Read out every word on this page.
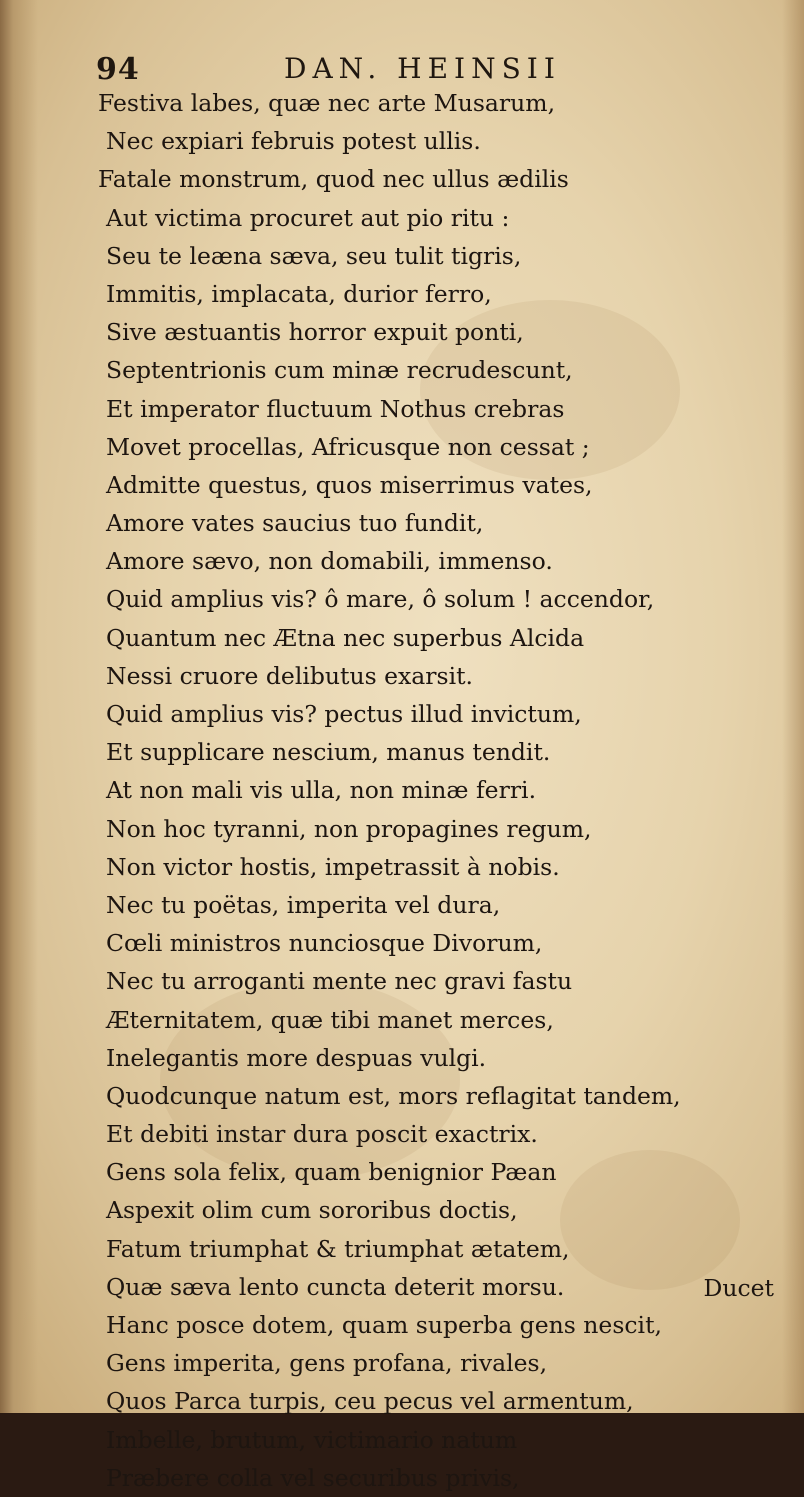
94	DAN. HEINSII
Festiva labes, quæ nec arte Musarum,
Nec expiari februis potest ullis.
Fatale monstrum, quod nec ullus ædilis
Aut victima procuret aut pio ritu :
Seu te leæna sæva, seu tulit tigris,
Immitis, implacata, durior ferro,
Sive æstuantis horror expuit ponti,
Septentrionis cum minæ recrudescunt,
Et imperator fluctuum Nothus crebras
Movet procellas, Africusque non cessat ;
Admitte questus, quos miserrimus vates,
Amore vates saucius tuo fundit,
Amore sævo, non domabili, immenso.
Quid amplius vis? ô mare, ô solum ! accendor,
Quantum nec Ætna nec superbus Alcida
Nessi cruore delibutus exarsit.
Quid amplius vis? pectus illud invictum,
Et supplicare nescium, manus tendit.
At non mali vis ulla, non minæ ferri.
Non hoc tyranni, non propagines regum,
Non victor hostis, impetrassit à nobis.
Nec tu poëtas, imperita vel dura,
Cœli ministros nunciosque Divorum,
Nec tu arroganti mente nec gravi fastu
Æternitatem, quæ tibi manet merces,
Inelegantis more despuas vulgi.
Quodcunque natum est, mors reflagitat tandem,
Et debiti instar dura poscit exactrix.
Gens sola felix, quam benignior Pæan
Aspexit olim cum sororibus doctis,
Fatum triumphat & triumphat ætatem,
Quæ sæva lento cuncta deterit morsu.
Hanc posce dotem, quam superba gens nescit,
Gens imperita, gens profana, rivales,
Quos Parca turpis, ceu pecus vel armentum,
Imbelle, brutum, victimario natum
Præbere colla vel securibus privis,
Ducet
